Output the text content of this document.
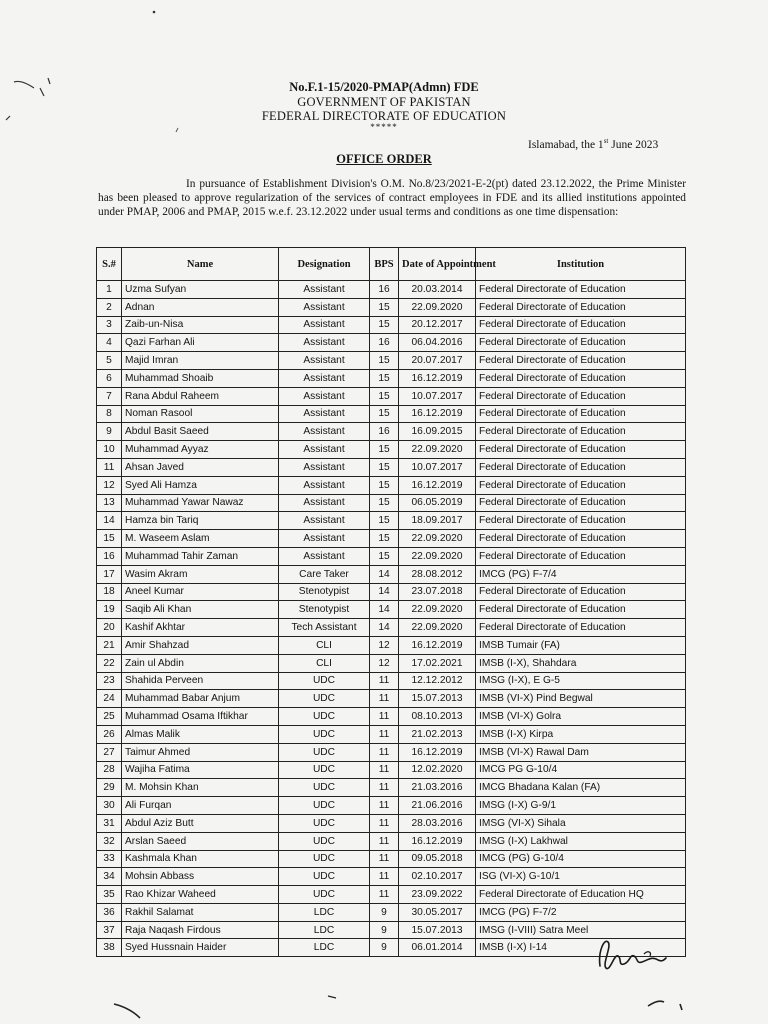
No.F.1-15/2020-PMAP(Admn) FDE
GOVERNMENT OF PAKISTAN
FEDERAL DIRECTORATE OF EDUCATION
*****
Islamabad, the 1st June 2023
OFFICE ORDER
In pursuance of Establishment Division's O.M. No.8/23/2021-E-2(pt) dated 23.12.2022, the Prime Minister has been pleased to approve regularization of the services of contract employees in FDE and its allied institutions appointed under PMAP, 2006 and PMAP, 2015 w.e.f. 23.12.2022 under usual terms and conditions as one time dispensation:
S.#	Name	Designation	BPS	Date of Appointment	Institution
1	Uzma Sufyan	Assistant	16	20.03.2014	Federal Directorate of Education
2	Adnan	Assistant	15	22.09.2020	Federal Directorate of Education
3	Zaib-un-Nisa	Assistant	15	20.12.2017	Federal Directorate of Education
4	Qazi Farhan Ali	Assistant	16	06.04.2016	Federal Directorate of Education
5	Majid Imran	Assistant	15	20.07.2017	Federal Directorate of Education
6	Muhammad Shoaib	Assistant	15	16.12.2019	Federal Directorate of Education
7	Rana Abdul Raheem	Assistant	15	10.07.2017	Federal Directorate of Education
8	Noman Rasool	Assistant	15	16.12.2019	Federal Directorate of Education
9	Abdul Basit Saeed	Assistant	16	16.09.2015	Federal Directorate of Education
10	Muhammad Ayyaz	Assistant	15	22.09.2020	Federal Directorate of Education
11	Ahsan Javed	Assistant	15	10.07.2017	Federal Directorate of Education
12	Syed Ali Hamza	Assistant	15	16.12.2019	Federal Directorate of Education
13	Muhammad Yawar Nawaz	Assistant	15	06.05.2019	Federal Directorate of Education
14	Hamza bin Tariq	Assistant	15	18.09.2017	Federal Directorate of Education
15	M. Waseem Aslam	Assistant	15	22.09.2020	Federal Directorate of Education
16	Muhammad Tahir Zaman	Assistant	15	22.09.2020	Federal Directorate of Education
17	Wasim Akram	Care Taker	14	28.08.2012	IMCG (PG) F-7/4
18	Aneel Kumar	Stenotypist	14	23.07.2018	Federal Directorate of Education
19	Saqib Ali Khan	Stenotypist	14	22.09.2020	Federal Directorate of Education
20	Kashif Akhtar	Tech Assistant	14	22.09.2020	Federal Directorate of Education
21	Amir Shahzad	CLI	12	16.12.2019	IMSB Tumair (FA)
22	Zain ul Abdin	CLI	12	17.02.2021	IMSB (I-X), Shahdara
23	Shahida Perveen	UDC	11	12.12.2012	IMSG (I-X), E G-5
24	Muhammad Babar Anjum	UDC	11	15.07.2013	IMSB (VI-X) Pind Begwal
25	Muhammad Osama Iftikhar	UDC	11	08.10.2013	IMSB (VI-X) Golra
26	Almas Malik	UDC	11	21.02.2013	IMSB (I-X) Kirpa
27	Taimur Ahmed	UDC	11	16.12.2019	IMSB (VI-X) Rawal Dam
28	Wajiha Fatima	UDC	11	12.02.2020	IMCG PG G-10/4
29	M. Mohsin Khan	UDC	11	21.03.2016	IMCG Bhadana Kalan (FA)
30	Ali Furqan	UDC	11	21.06.2016	IMSG (I-X) G-9/1
31	Abdul Aziz Butt	UDC	11	28.03.2016	IMSG (VI-X) Sihala
32	Arslan Saeed	UDC	11	16.12.2019	IMSG (I-X) Lakhwal
33	Kashmala Khan	UDC	11	09.05.2018	IMCG (PG) G-10/4
34	Mohsin Abbass	UDC	11	02.10.2017	ISG (VI-X) G-10/1
35	Rao Khizar Waheed	UDC	11	23.09.2022	Federal Directorate of Education HQ
36	Rakhil Salamat	LDC	9	30.05.2017	IMCG (PG) F-7/2
37	Raja Naqash Firdous	LDC	9	15.07.2013	IMSG (I-VIII) Satra Meel
38	Syed Hussnain Haider	LDC	9	06.01.2014	IMSB (I-X) I-14
